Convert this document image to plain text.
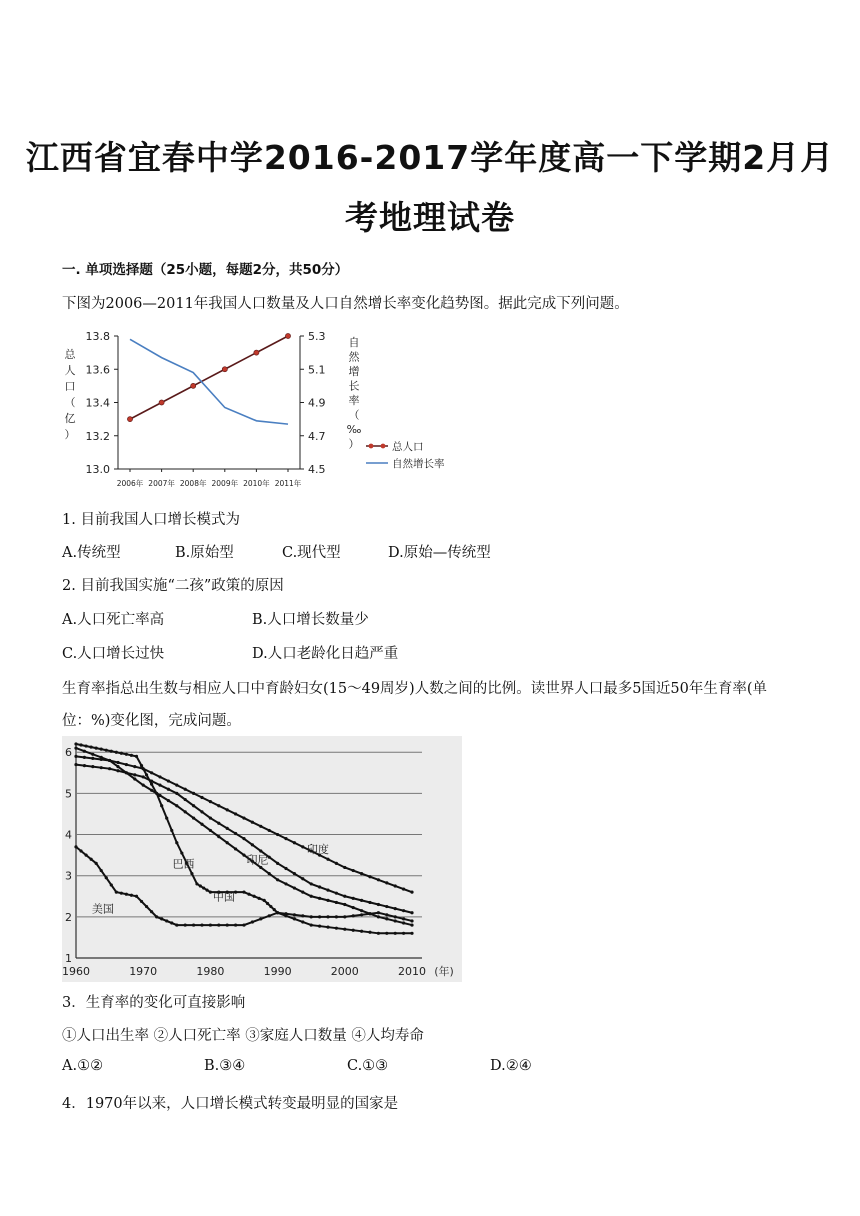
江西省宜春中学2016-2017学年度高一下学期2月月
考地理试卷
一. 单项选择题（25小题，每题2分，共50分）
下图为2006—2011年我国人口数量及人口自然增长率变化趋势图。据此完成下列问题。
13.8
13.6
13.4
13.2
13.0
5.3
5.1
4.9
4.7
4.5
2006年 2007年 2008年 2009年 2010年 2011年
总人口
自然增长率
总
人
口
（
亿
）
自
然
增
长
率
（
‰
）
1. 目前我国人口增长模式为
A.传统型	B.原始型	C.现代型	D.原始—传统型
2. 目前我国实施“二孩”政策的原因
A.人口死亡率高	B.人口增长数量少
C.人口增长过快	D.人口老龄化日趋严重
生育率指总出生数与相应人口中育龄妇女(15～49周岁)人数之间的比例。读世界人口最多5国近50年生育率(单
位：%)变化图，完成问题。
6
5
4
3
2
1
1960	1970	1980	1990	2000	2010 (年)
印度
印尼
巴西
中国
美国
3．生育率的变化可直接影响
①人口出生率 ②人口死亡率 ③家庭人口数量 ④人均寿命
A.①②	B.③④	C.①③	D.②④
4．1970年以来，人口增长模式转变最明显的国家是
